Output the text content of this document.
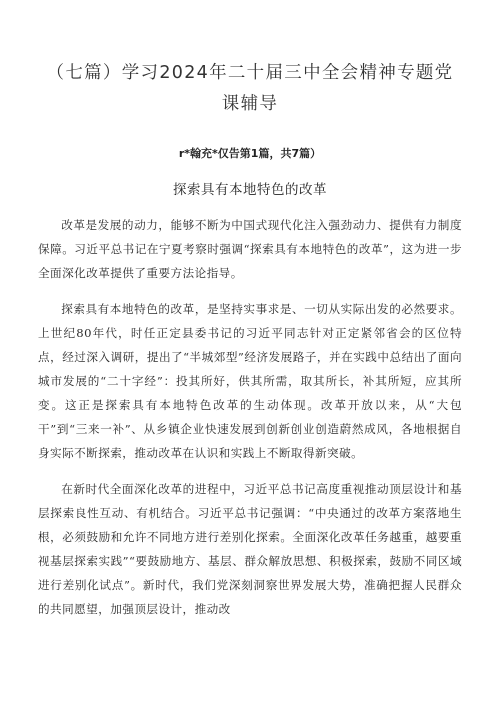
（七篇）学习2024年二十届三中全会精神专题党课辅导
r*翰充*仅告第1篇，共7篇）
探索具有本地特色的改革

改革是发展的动力，能够不断为中国式现代化注入强劲动力、提供有力制度保障。习近平总书记在宁夏考察时强调“探索具有本地特色的改革”，这为进一步全面深化改革提供了重要方法论指导。

探索具有本地特色的改革，是坚持实事求是、一切从实际出发的必然要求。上世纪80年代，时任正定县委书记的习近平同志针对正定紧邻省会的区位特点，经过深入调研，提出了“半城郊型”经济发展路子，并在实践中总结出了面向城市发展的“二十字经”：投其所好，供其所需，取其所长，补其所短，应其所变。这正是探索具有本地特色改革的生动体现。改革开放以来，从“大包干”到“三来一补”、从乡镇企业快速发展到创新创业创造蔚然成风，各地根据自身实际不断探索，推动改革在认识和实践上不断取得新突破。

在新时代全面深化改革的进程中，习近平总书记高度重视推动顶层设计和基层探索良性互动、有机结合。习近平总书记强调：“中央通过的改革方案落地生根，必须鼓励和允许不同地方进行差别化探索。全面深化改革任务越重，越要重视基层探索实践”“要鼓励地方、基层、群众解放思想、积极探索，鼓励不同区域进行差别化试点”。新时代，我们党深刻洞察世界发展大势，准确把握人民群众的共同愿望，加强顶层设计，推动改
